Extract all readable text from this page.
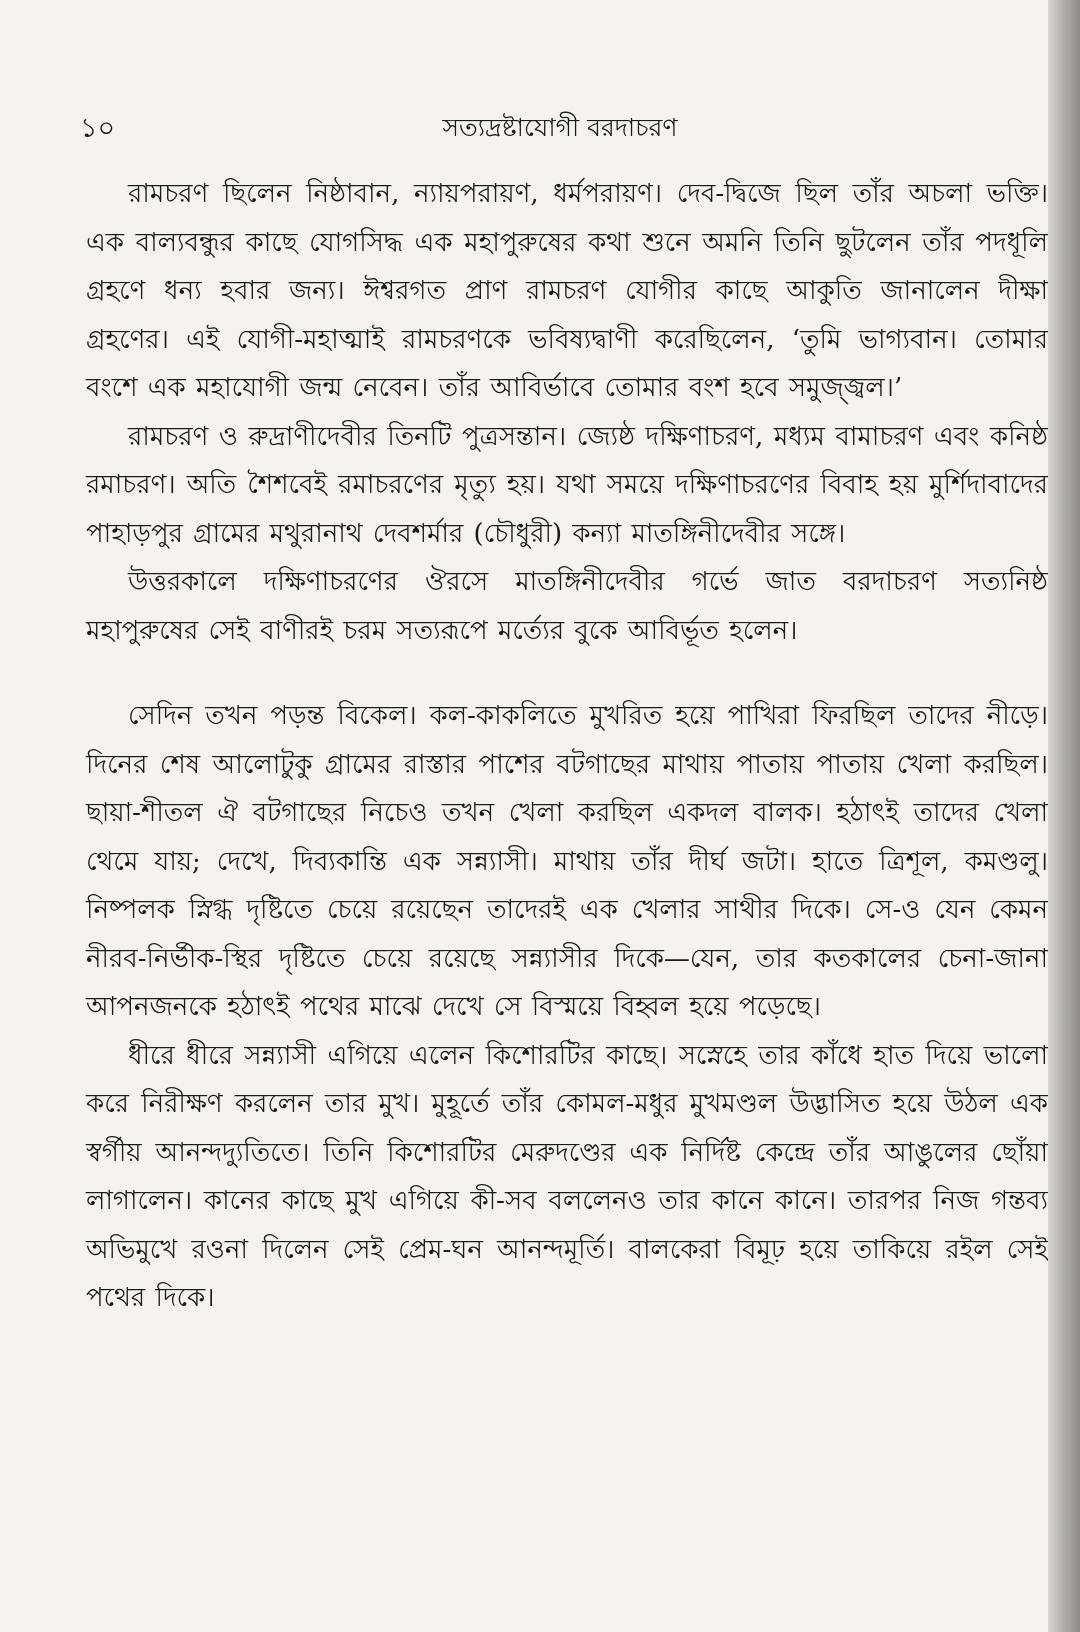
১০	সত্যদ্রষ্টাযোগী বরদাচরণ

রামচরণ ছিলেন নিষ্ঠাবান, ন্যায়পরায়ণ, ধর্মপরায়ণ। দেব-দ্বিজে ছিল তাঁর অচলা ভক্তি। এক বাল্যবন্ধুর কাছে যোগসিদ্ধ এক মহাপুরুষের কথা শুনে অমনি তিনি ছুটলেন তাঁর পদধূলি গ্রহণে ধন্য হবার জন্য। ঈশ্বরগত প্রাণ রামচরণ যোগীর কাছে আকুতি জানালেন দীক্ষা গ্রহণের। এই যোগী-মহাত্মাই রামচরণকে ভবিষ্যদ্বাণী করেছিলেন, ‘তুমি ভাগ্যবান। তোমার বংশে এক মহাযোগী জন্ম নেবেন। তাঁর আবির্ভাবে তোমার বংশ হবে সমুজ্জ্বল।’

রামচরণ ও রুদ্রাণীদেবীর তিনটি পুত্রসন্তান। জ্যেষ্ঠ দক্ষিণাচরণ, মধ্যম বামাচরণ এবং কনিষ্ঠ রমাচরণ। অতি শৈশবেই রমাচরণের মৃত্যু হয়। যথা সময়ে দক্ষিণাচরণের বিবাহ হয় মুর্শিদাবাদের পাহাড়পুর গ্রামের মথুরানাথ দেবশর্মার (চৌধুরী) কন্যা মাতঙ্গিনীদেবীর সঙ্গে।

উত্তরকালে দক্ষিণাচরণের ঔরসে মাতঙ্গিনীদেবীর গর্ভে জাত বরদাচরণ সত্যনিষ্ঠ মহাপুরুষের সেই বাণীরই চরম সত্যরূপে মর্ত্যের বুকে আবির্ভূত হলেন।

সেদিন তখন পড়ন্ত বিকেল। কল-কাকলিতে মুখরিত হয়ে পাখিরা ফিরছিল তাদের নীড়ে। দিনের শেষ আলোটুকু গ্রামের রাস্তার পাশের বটগাছের মাথায় পাতায় পাতায় খেলা করছিল। ছায়া-শীতল ঐ বটগাছের নিচেও তখন খেলা করছিল একদল বালক। হঠাৎই তাদের খেলা থেমে যায়; দেখে, দিব্যকান্তি এক সন্ন্যাসী। মাথায় তাঁর দীর্ঘ জটা। হাতে ত্রিশূল, কমণ্ডলু। নিষ্পলক স্নিগ্ধ দৃষ্টিতে চেয়ে রয়েছেন তাদেরই এক খেলার সাথীর দিকে। সে-ও যেন কেমন নীরব-নির্ভীক-স্থির দৃষ্টিতে চেয়ে রয়েছে সন্ন্যাসীর দিকে—যেন, তার কতকালের চেনা-জানা আপনজনকে হঠাৎই পথের মাঝে দেখে সে বিস্ময়ে বিহ্বল হয়ে পড়েছে।

ধীরে ধীরে সন্ন্যাসী এগিয়ে এলেন কিশোরটির কাছে। সস্নেহে তার কাঁধে হাত দিয়ে ভালো করে নিরীক্ষণ করলেন তার মুখ। মুহূর্তে তাঁর কোমল-মধুর মুখমণ্ডল উদ্ভাসিত হয়ে উঠল এক স্বর্গীয় আনন্দদ্যুতিতে। তিনি কিশোরটির মেরুদণ্ডের এক নির্দিষ্ট কেন্দ্রে তাঁর আঙুলের ছোঁয়া লাগালেন। কানের কাছে মুখ এগিয়ে কী-সব বললেনও তার কানে কানে। তারপর নিজ গন্তব্য অভিমুখে রওনা দিলেন সেই প্রেম-ঘন আনন্দমূর্তি। বালকেরা বিমূঢ় হয়ে তাকিয়ে রইল সেই পথের দিকে।
